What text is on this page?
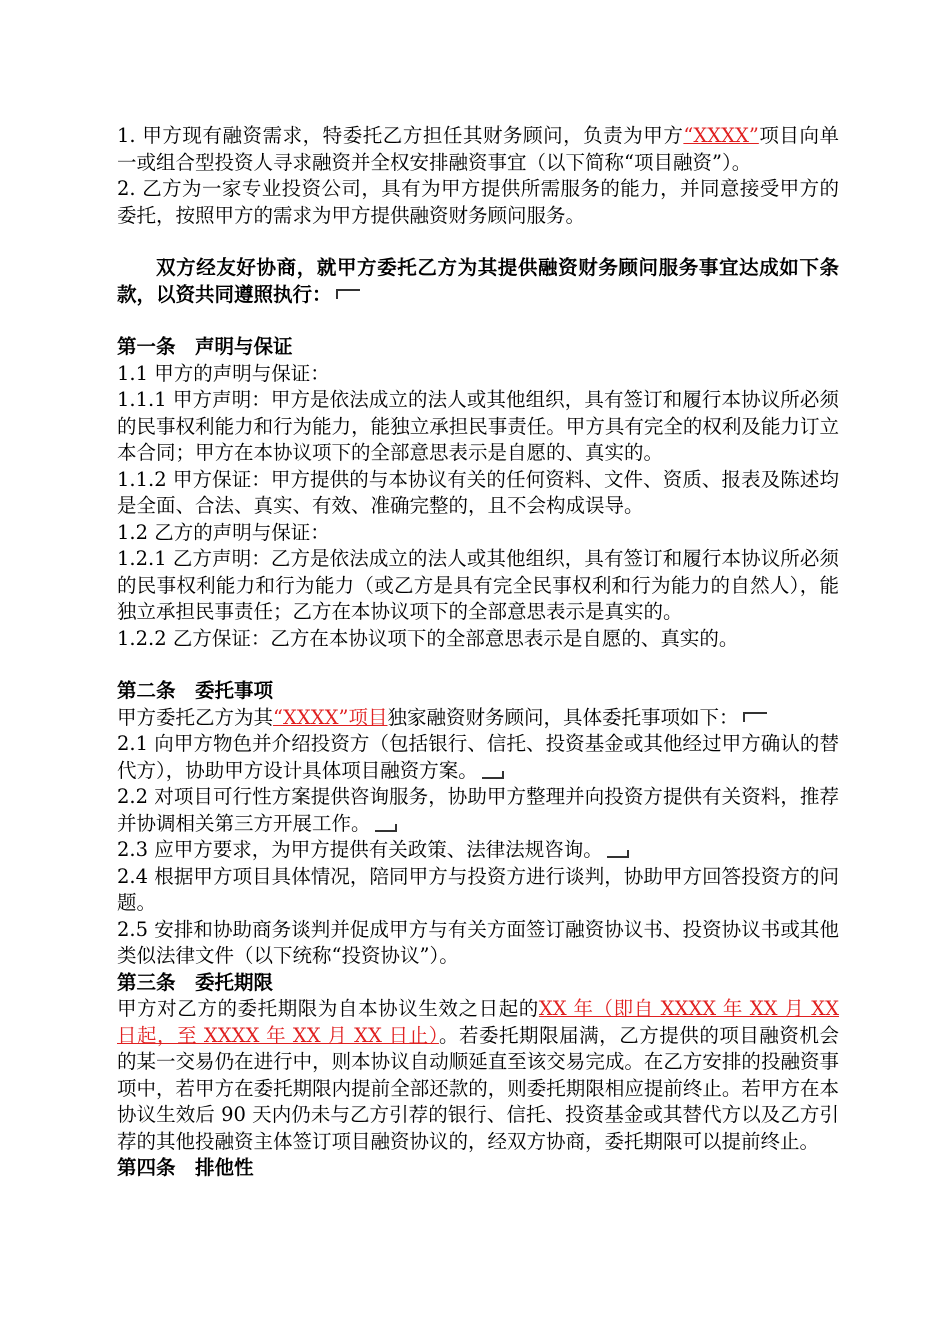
1. 甲方现有融资需求，特委托乙方担任其财务顾问，负责为甲方“XXXX”项目向单一或组合型投资人寻求融资并全权安排融资事宜（以下简称“项目融资”）。

2. 乙方为一家专业投资公司，具有为甲方提供所需服务的能力，并同意接受甲方的委托，按照甲方的需求为甲方提供融资财务顾问服务。

双方经友好协商，就甲方委托乙方为其提供融资财务顾问服务事宜达成如下条款，以资共同遵照执行：

第一条　声明与保证

1.1 甲方的声明与保证：

1.1.1 甲方声明：甲方是依法成立的法人或其他组织，具有签订和履行本协议所必须的民事权利能力和行为能力，能独立承担民事责任。甲方具有完全的权利及能力订立本合同；甲方在本协议项下的全部意思表示是自愿的、真实的。

1.1.2 甲方保证：甲方提供的与本协议有关的任何资料、文件、资质、报表及陈述均是全面、合法、真实、有效、准确完整的，且不会构成误导。

1.2 乙方的声明与保证：

1.2.1 乙方声明：乙方是依法成立的法人或其他组织，具有签订和履行本协议所必须的民事权利能力和行为能力（或乙方是具有完全民事权利和行为能力的自然人），能独立承担民事责任；乙方在本协议项下的全部意思表示是真实的。

1.2.2 乙方保证：乙方在本协议项下的全部意思表示是自愿的、真实的。

第二条　委托事项

甲方委托乙方为其“XXXX”项目独家融资财务顾问，具体委托事项如下：

2.1 向甲方物色并介绍投资方（包括银行、信托、投资基金或其他经过甲方确认的替代方），协助甲方设计具体项目融资方案。

2.2 对项目可行性方案提供咨询服务，协助甲方整理并向投资方提供有关资料，推荐并协调相关第三方开展工作。

2.3 应甲方要求，为甲方提供有关政策、法律法规咨询。

2.4 根据甲方项目具体情况，陪同甲方与投资方进行谈判，协助甲方回答投资方的问题。

2.5 安排和协助商务谈判并促成甲方与有关方面签订融资协议书、投资协议书或其他类似法律文件（以下统称“投资协议”）。

第三条　委托期限

甲方对乙方的委托期限为自本协议生效之日起的XX 年（即自 XXXX 年 XX 月 XX 日起，至 XXXX 年 XX 月 XX 日止）。若委托期限届满，乙方提供的项目融资机会的某一交易仍在进行中，则本协议自动顺延直至该交易完成。在乙方安排的投融资事项中，若甲方在委托期限内提前全部还款的，则委托期限相应提前终止。若甲方在本协议生效后 90 天内仍未与乙方引荐的银行、信托、投资基金或其替代方以及乙方引荐的其他投融资主体签订项目融资协议的，经双方协商，委托期限可以提前终止。

第四条　排他性
